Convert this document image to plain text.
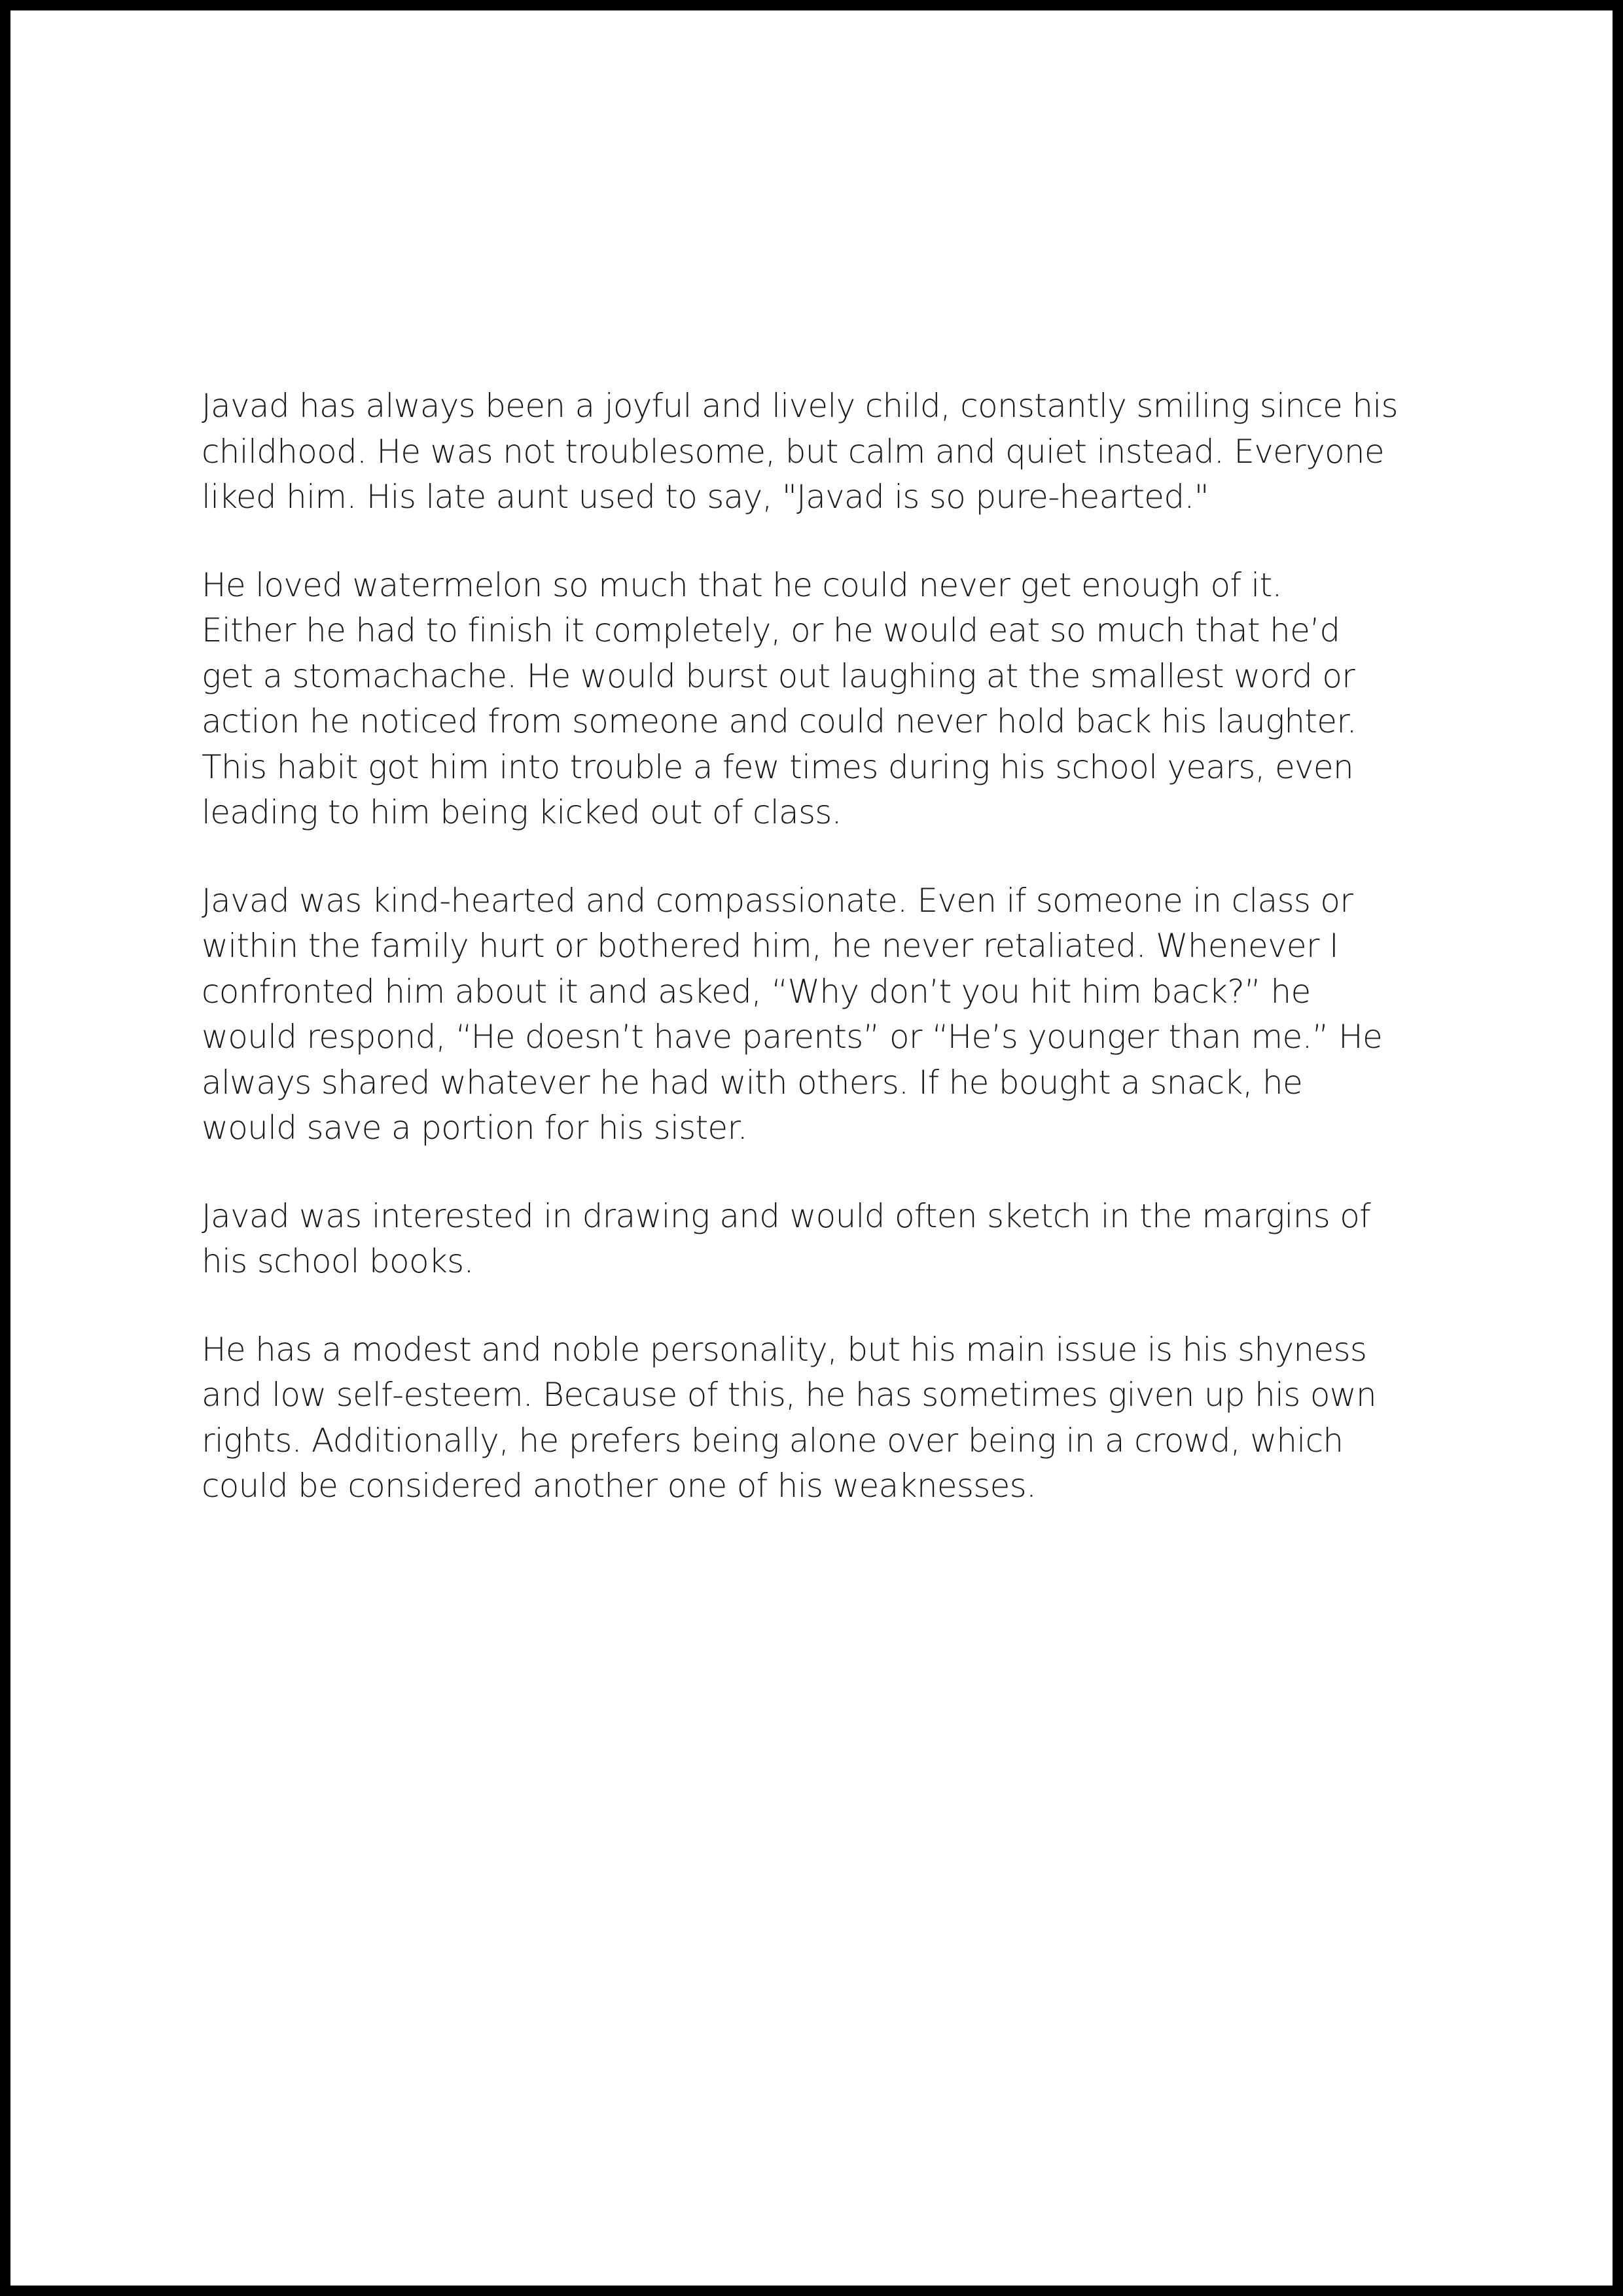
Javad has always been a joyful and lively child, constantly smiling since his
childhood. He was not troublesome, but calm and quiet instead. Everyone
liked him. His late aunt used to say, "Javad is so pure-hearted."
He loved watermelon so much that he could never get enough of it.
Either he had to finish it completely, or he would eat so much that he’d
get a stomachache. He would burst out laughing at the smallest word or
action he noticed from someone and could never hold back his laughter.
This habit got him into trouble a few times during his school years, even
leading to him being kicked out of class.
Javad was kind-hearted and compassionate. Even if someone in class or
within the family hurt or bothered him, he never retaliated. Whenever I
confronted him about it and asked, “Why don’t you hit him back?” he
would respond, “He doesn’t have parents” or “He’s younger than me.” He
always shared whatever he had with others. If he bought a snack, he
would save a portion for his sister.
Javad was interested in drawing and would often sketch in the margins of
his school books.
He has a modest and noble personality, but his main issue is his shyness
and low self-esteem. Because of this, he has sometimes given up his own
rights. Additionally, he prefers being alone over being in a crowd, which
could be considered another one of his weaknesses.
